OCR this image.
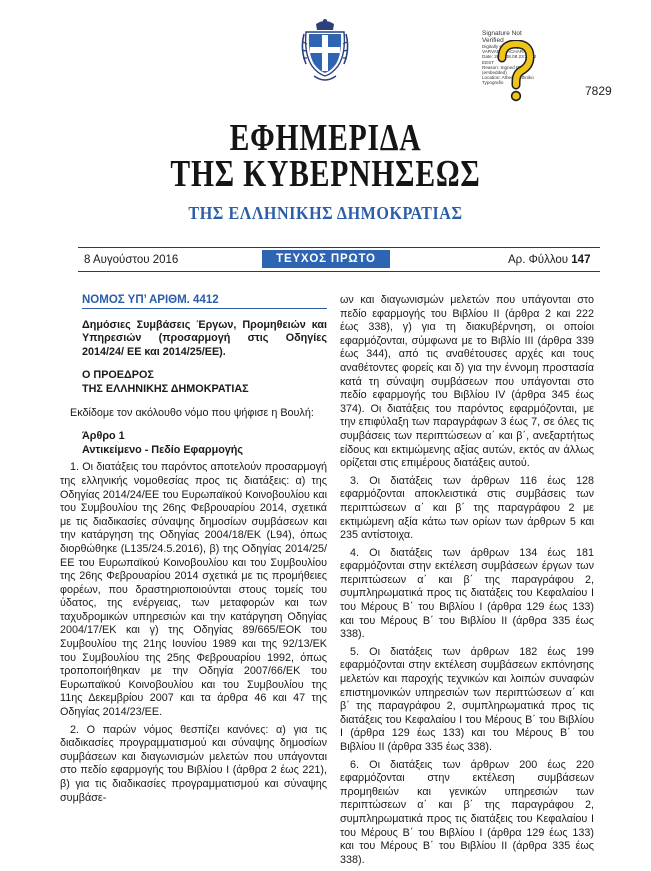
Signature Not
Verified
Digitally signed by
VARVARA ZACHARAKI
Date: 2016.08.08 23:25:32
EEST
Reason: Signed PDF
(embedded)
Location: Athens, Ethniko
Typografio
7829
ΕΦΗΜΕΡΙΔΑ
ΤΗΣ ΚΥΒΕΡΝΗΣΕΩΣ
ΤΗΣ ΕΛΛΗΝΙΚΗΣ ΔΗΜΟΚΡΑΤΙΑΣ
8 Αυγούστου 2016	ΤΕΥΧΟΣ ΠΡΩΤΟ	Αρ. Φύλλου 147
ΝΟΜΟΣ ΥΠ’ ΑΡΙΘΜ. 4412
Δημόσιες Συμβάσεις Έργων, Προμηθειών και Υπηρεσιών (προσαρμογή στις Οδηγίες 2014/24/ ΕΕ και 2014/25/ΕΕ).
Ο ΠΡΟΕΔΡΟΣ
ΤΗΣ ΕΛΛΗΝΙΚΗΣ ΔΗΜΟΚΡΑΤΙΑΣ
Εκδίδομε τον ακόλουθο νόμο που ψήφισε η Βουλή:
Άρθρο 1
Αντικείμενο - Πεδίο Εφαρμογής

1. Οι διατάξεις του παρόντος αποτελούν προσαρμογή της ελληνικής νομοθεσίας προς τις διατάξεις: α) της Οδηγίας 2014/24/ΕΕ του Ευρωπαϊκού Κοινοβουλίου και του Συμβουλίου της 26ης Φεβρουαρίου 2014, σχετικά με τις διαδικασίες σύναψης δημοσίων συμβάσεων και την κατάργηση της Οδηγίας 2004/18/ΕΚ (L94), όπως διορθώθηκε (L135/24.5.2016), β) της Οδηγίας 2014/25/ΕΕ του Ευρωπαϊκού Κοινοβουλίου και του Συμβουλίου της 26ης Φεβρουαρίου 2014 σχετικά με τις προμήθειες φορέων, που δραστηριοποιούνται στους τομείς του ύδατος, της ενέργειας, των μεταφορών και των ταχυδρομικών υπηρεσιών και την κατάργηση Οδηγίας 2004/17/ΕΚ και γ) της Οδηγίας 89/665/ΕΟΚ του Συμβουλίου της 21ης Ιουνίου 1989 και της 92/13/ΕΚ του Συμβουλίου της 25ης Φεβρουαρίου 1992, όπως τροποποιήθηκαν με την Οδηγία 2007/66/ΕΚ του Ευρωπαϊκού Κοινοβουλίου και του Συμβουλίου της 11ης Δεκεμβρίου 2007 και τα άρθρα 46 και 47 της Οδηγίας 2014/23/ΕΕ.

2. Ο παρών νόμος θεσπίζει κανόνες: α) για τις διαδικασίες προγραμματισμού και σύναψης δημοσίων συμβάσεων και διαγωνισμών μελετών που υπάγονται στο πεδίο εφαρμογής του Βιβλίου Ι (άρθρα 2 έως 221), β) για τις διαδικασίες προγραμματισμού και σύναψης συμβάσε-

ων και διαγωνισμών μελετών που υπάγονται στο πεδίο εφαρμογής του Βιβλίου ΙΙ (άρθρα 2 και 222 έως 338), γ) για τη διακυβέρνηση, οι οποίοι εφαρμόζονται, σύμφωνα με το Βιβλίο ΙΙΙ (άρθρα 339 έως 344), από τις αναθέτουσες αρχές και τους αναθέτοντες φορείς και δ) για την έννομη προστασία κατά τη σύναψη συμβάσεων που υπάγονται στο πεδίο εφαρμογής του Βιβλίου IV (άρθρα 345 έως 374). Οι διατάξεις του παρόντος εφαρμόζονται, με την επιφύλαξη των παραγράφων 3 έως 7, σε όλες τις συμβάσεις των περιπτώσεων α΄ και β΄, ανεξαρτήτως είδους και εκτιμώμενης αξίας αυτών, εκτός αν άλλως ορίζεται στις επιμέρους διατάξεις αυτού.

3. Οι διατάξεις των άρθρων 116 έως 128 εφαρμόζονται αποκλειστικά στις συμβάσεις των περιπτώσεων α΄ και β΄ της παραγράφου 2 με εκτιμώμενη αξία κάτω των ορίων των άρθρων 5 και 235 αντίστοιχα.

4. Οι διατάξεις των άρθρων 134 έως 181 εφαρμόζονται στην εκτέλεση συμβάσεων έργων των περιπτώσεων α΄ και β΄ της παραγράφου 2, συμπληρωματικά προς τις διατάξεις του Κεφαλαίου Ι του Μέρους Β΄ του Βιβλίου Ι (άρθρα 129 έως 133) και του Μέρους Β΄ του Βιβλίου ΙΙ (άρθρα 335 έως 338).

5. Οι διατάξεις των άρθρων 182 έως 199 εφαρμόζονται στην εκτέλεση συμβάσεων εκπόνησης μελετών και παροχής τεχνικών και λοιπών συναφών επιστημονικών υπηρεσιών των περιπτώσεων α΄ και β΄ της παραγράφου 2, συμπληρωματικά προς τις διατάξεις του Κεφαλαίου Ι του Μέρους Β΄ του Βιβλίου Ι (άρθρα 129 έως 133) και του Μέρους Β΄ του Βιβλίου ΙΙ (άρθρα 335 έως 338).

6. Οι διατάξεις των άρθρων 200 έως 220 εφαρμόζονται στην εκτέλεση συμβάσεων προμηθειών και γενικών υπηρεσιών των περιπτώσεων α΄ και β΄ της παραγράφου 2, συμπληρωματικά προς τις διατάξεις του Κεφαλαίου Ι του Μέρους Β΄ του Βιβλίου Ι (άρθρα 129 έως 133) και του Μέρους Β΄ του Βιβλίου ΙΙ (άρθρα 335 έως 338).
